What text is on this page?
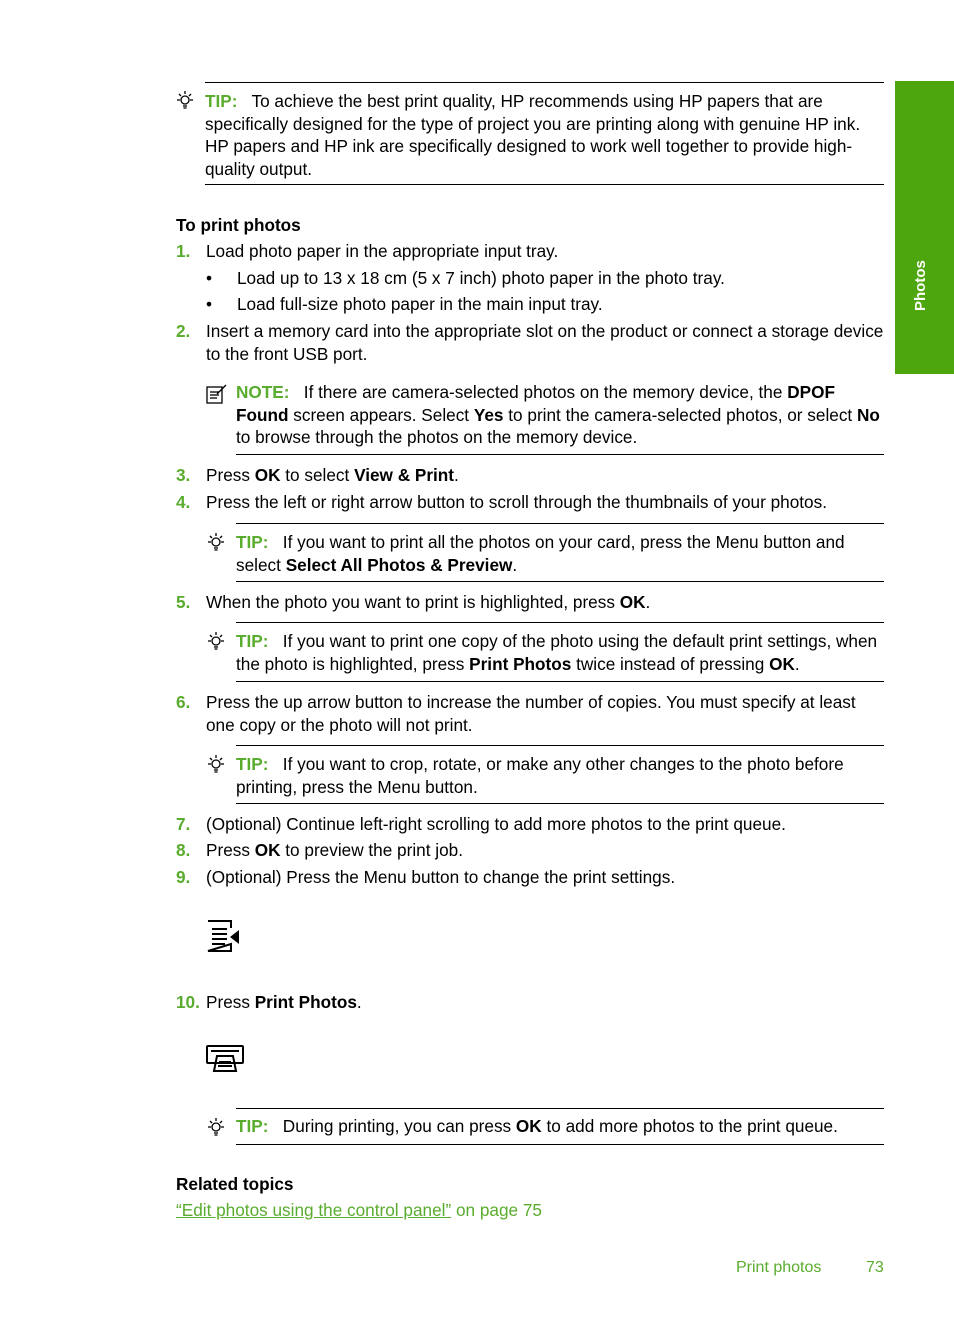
Photos
TIP: To achieve the best print quality, HP recommends using HP papers that are specifically designed for the type of project you are printing along with genuine HP ink. HP papers and HP ink are specifically designed to work well together to provide high-quality output.
To print photos
1. Load photo paper in the appropriate input tray.
• Load up to 13 x 18 cm (5 x 7 inch) photo paper in the photo tray.
• Load full-size photo paper in the main input tray.
2. Insert a memory card into the appropriate slot on the product or connect a storage device to the front USB port.
NOTE: If there are camera-selected photos on the memory device, the DPOF Found screen appears. Select Yes to print the camera-selected photos, or select No to browse through the photos on the memory device.
3. Press OK to select View & Print.
4. Press the left or right arrow button to scroll through the thumbnails of your photos.
TIP: If you want to print all the photos on your card, press the Menu button and select Select All Photos & Preview.
5. When the photo you want to print is highlighted, press OK.
TIP: If you want to print one copy of the photo using the default print settings, when the photo is highlighted, press Print Photos twice instead of pressing OK.
6. Press the up arrow button to increase the number of copies. You must specify at least one copy or the photo will not print.
TIP: If you want to crop, rotate, or make any other changes to the photo before printing, press the Menu button.
7. (Optional) Continue left-right scrolling to add more photos to the print queue.
8. Press OK to preview the print job.
9. (Optional) Press the Menu button to change the print settings.
10. Press Print Photos.
TIP: During printing, you can press OK to add more photos to the print queue.
Related topics
“Edit photos using the control panel” on page 75
Print photos	73
